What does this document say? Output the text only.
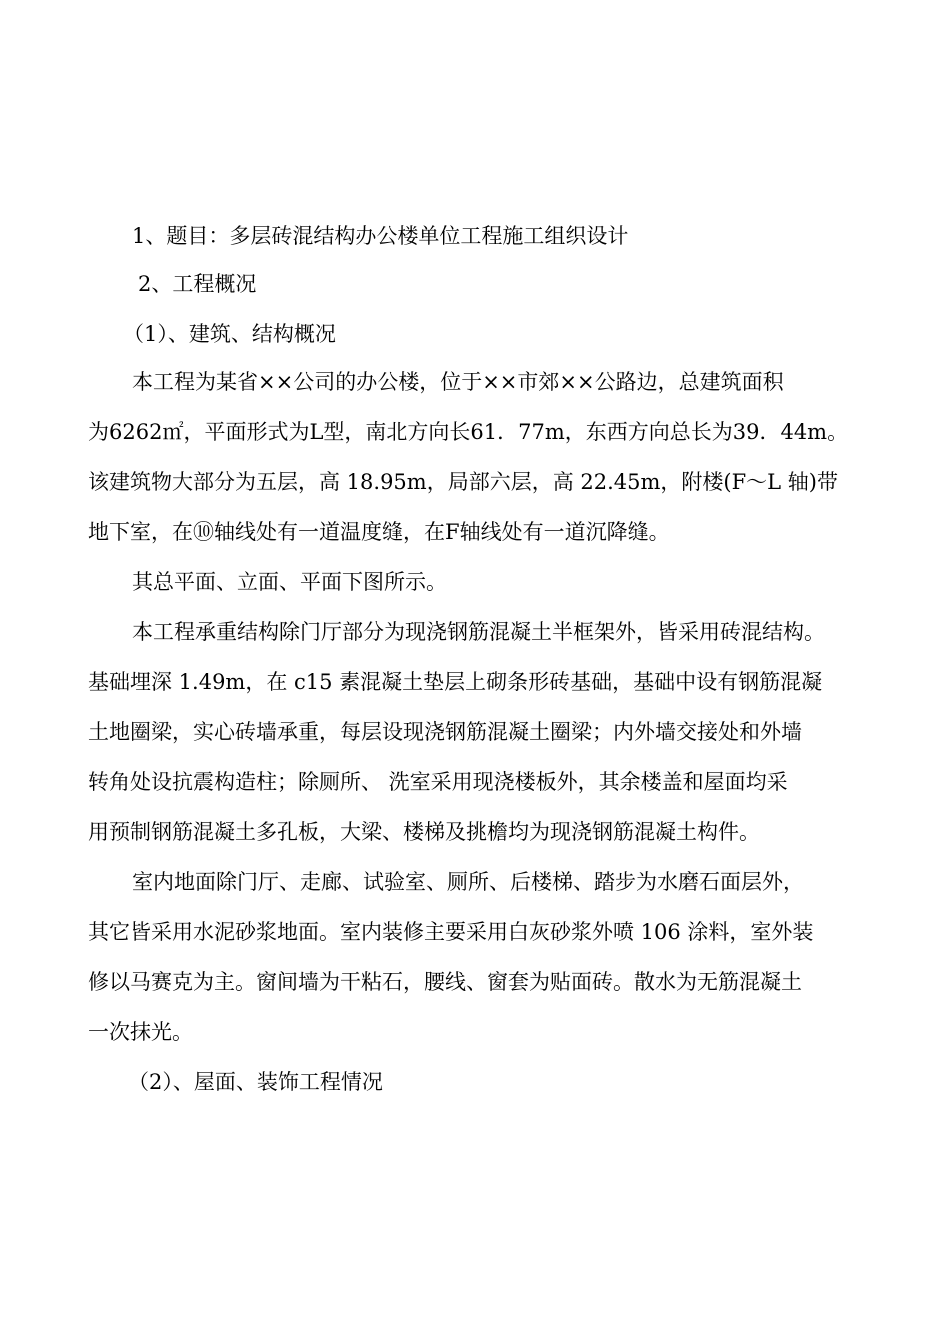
1、题目：多层砖混结构办公楼单位工程施工组织设计
2、工程概况
（1）、建筑、结构概况
本工程为某省××公司的办公楼，位于××市郊××公路边，总建筑面积
为6262㎡，平面形式为L型，南北方向长61．77m，东西方向总长为39．44m。
该建筑物大部分为五层，高 18.95m，局部六层，高 22.45m，附楼(F～L 轴)带
地下室，在⑩轴线处有一道温度缝，在F轴线处有一道沉降缝。
其总平面、立面、平面下图所示。
本工程承重结构除门厅部分为现浇钢筋混凝土半框架外，皆采用砖混结构。
基础埋深 1.49m，在 c15 素混凝土垫层上砌条形砖基础，基础中设有钢筋混凝
土地圈梁，实心砖墙承重，每层设现浇钢筋混凝土圈梁；内外墙交接处和外墙
转角处设抗震构造柱；除厕所、 洗室采用现浇楼板外，其余楼盖和屋面均采
用预制钢筋混凝土多孔板，大梁、楼梯及挑檐均为现浇钢筋混凝土构件。
室内地面除门厅、走廊、试验室、厕所、后楼梯、踏步为水磨石面层外，
其它皆采用水泥砂浆地面。室内装修主要采用白灰砂浆外喷 106 涂料，室外装
修以马赛克为主。窗间墙为干粘石，腰线、窗套为贴面砖。散水为无筋混凝土
一次抹光。
（2）、屋面、装饰工程情况
